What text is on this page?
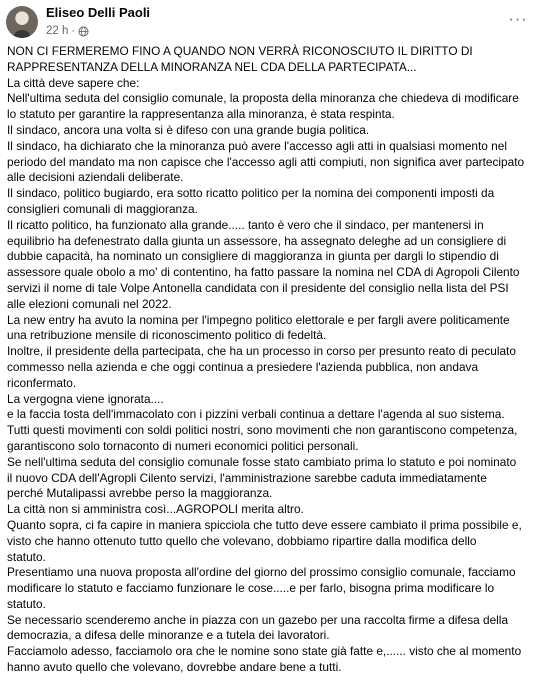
Eliseo Delli Paoli
22 h ·
···
NON CI FERMEREMO FINO A QUANDO NON VERRÀ RICONOSCIUTO IL DIRITTO DI
RAPPRESENTANZA DELLA MINORANZA NEL CDA DELLA PARTECIPATA...
La città deve sapere che:
Nell'ultima seduta del consiglio comunale, la proposta della minoranza che chiedeva di modificare
lo statuto per garantire la rappresentanza alla minoranza, è stata respinta.
Il sindaco, ancora una volta si è difeso con una grande bugia politica.
Il sindaco, ha dichiarato che la minoranza può avere l'accesso agli atti in qualsiasi momento nel
periodo del mandato ma non capisce che l'accesso agli atti compiuti, non significa aver partecipato
alle decisioni aziendali deliberate.
Il sindaco, politico bugiardo, era sotto ricatto politico per la nomina dei componenti imposti da
consiglieri comunali di maggioranza.
Il ricatto politico, ha funzionato alla grande..... tanto è vero che il sindaco, per mantenersi in
equilibrio ha defenestrato dalla giunta un assessore, ha assegnato deleghe ad un consigliere di
dubbie capacità, ha nominato un consigliere di maggioranza in giunta per dargli lo stipendio di
assessore quale obolo a mo' di contentino, ha fatto passare la nomina nel CDA di Agropoli Cilento
servizi il nome di tale Volpe Antonella candidata con il presidente del consiglio nella lista del PSI
alle elezioni comunali nel 2022.
La new entry ha avuto la nomina per l'impegno politico elettorale e per fargli avere politicamente
una retribuzione mensile di riconoscimento politico di fedeltà.
Inoltre, il presidente della partecipata, che ha un processo in corso per presunto reato di peculato
commesso nella azienda e che oggi continua a presiedere l'azienda pubblica, non andava
riconfermato.
La vergogna viene ignorata....
e la faccia tosta dell'immacolato con i pizzini verbali continua a dettare l'agenda al suo sistema.
Tutti questi movimenti con soldi politici nostri, sono movimenti che non garantiscono competenza,
garantiscono solo tornaconto di numeri economici politici personali.
Se nell'ultima seduta del consiglio comunale fosse stato cambiato prima lo statuto e poi nominato
il nuovo CDA dell'Agropli Cilento servizi, l'amministrazione sarebbe caduta immediatamente
perché Mutalipassi avrebbe perso la maggioranza.
La città non si amministra così...AGROPOLI merita altro.
Quanto sopra, ci fa capire in maniera spicciola che tutto deve essere cambiato il prima possibile e,
visto che hanno ottenuto tutto quello che volevano, dobbiamo ripartire dalla modifica dello
statuto.
Presentiamo una nuova proposta all'ordine del giorno del prossimo consiglio comunale, facciamo
modificare lo statuto e facciamo funzionare le cose.....e per farlo, bisogna prima modificare lo
statuto.
Se necessario scenderemo anche in piazza con un gazebo per una raccolta firme a difesa della
democrazia, a difesa delle minoranze e a tutela dei lavoratori.
Facciamolo adesso, facciamolo ora che le nomine sono state già fatte e,...... visto che al momento
hanno avuto quello che volevano, dovrebbe andare bene a tutti.
